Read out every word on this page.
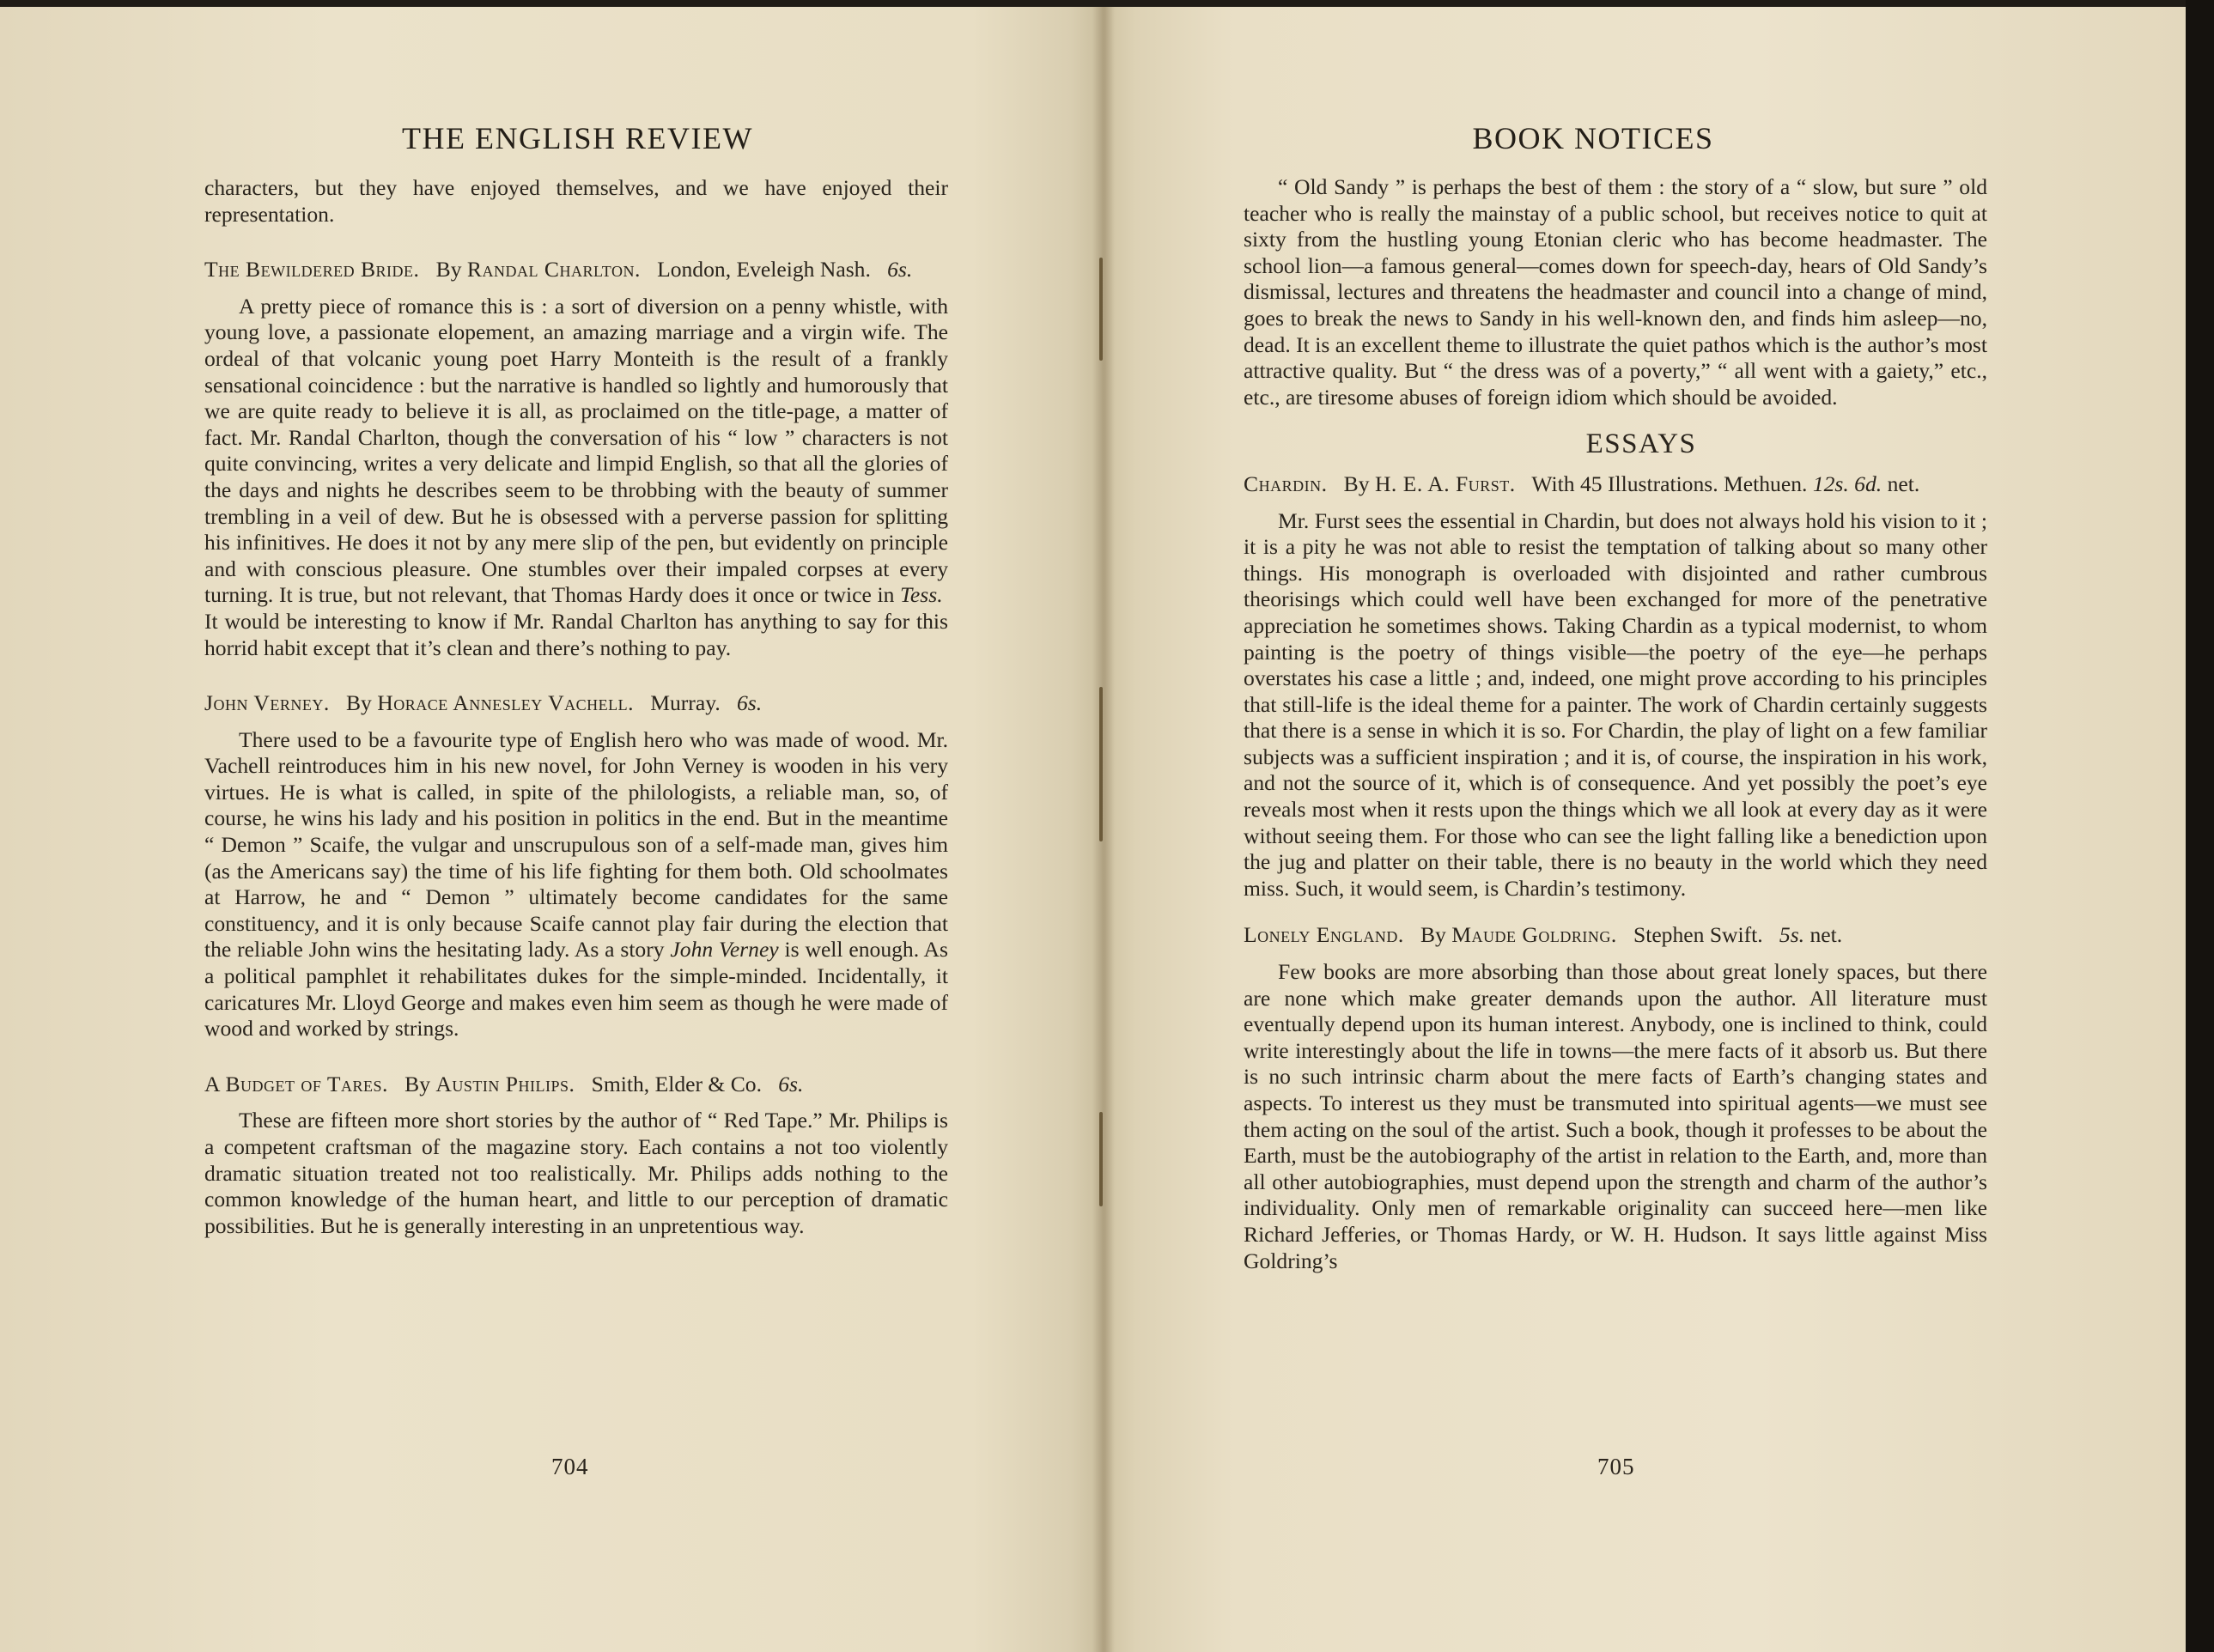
THE ENGLISH REVIEW

characters, but they have enjoyed themselves, and we have enjoyed their representation.

The Bewildered Bride. By Randal Charlton. London, Eveleigh Nash. 6s.

A pretty piece of romance this is : a sort of diversion on a penny whistle, with young love, a passionate elopement, an amazing marriage and a virgin wife. The ordeal of that volcanic young poet Harry Monteith is the result of a frankly sensational coincidence : but the narrative is handled so lightly and humorously that we are quite ready to believe it is all, as proclaimed on the title-page, a matter of fact. Mr. Randal Charlton, though the conversation of his “ low ” characters is not quite convincing, writes a very delicate and limpid English, so that all the glories of the days and nights he describes seem to be throbbing with the beauty of summer trembling in a veil of dew. But he is obsessed with a perverse passion for splitting his infinitives. He does it not by any mere slip of the pen, but evidently on principle and with conscious pleasure. One stumbles over their impaled corpses at every turning. It is true, but not relevant, that Thomas Hardy does it once or twice in Tess.  It would be interesting to know if Mr. Randal Charlton has anything to say for this horrid habit except that it’s clean and there’s nothing to pay.

John Verney. By Horace Annesley Vachell. Murray. 6s.

There used to be a favourite type of English hero who was made of wood. Mr. Vachell reintroduces him in his new novel, for John Verney is wooden in his very virtues. He is what is called, in spite of the philologists, a reliable man, so, of course, he wins his lady and his position in politics in the end. But in the meantime “ Demon ” Scaife, the vulgar and unscrupulous son of a self-made man, gives him (as the Americans say) the time of his life fighting for them both. Old schoolmates at Harrow, he and “ Demon ” ultimately become candidates for the same constituency, and it is only because Scaife cannot play fair during the election that the reliable John wins the hesitating lady. As a story John Verney is well enough. As a political pamphlet it rehabilitates dukes for the simple-minded. Incidentally, it caricatures Mr. Lloyd George and makes even him seem as though he were made of wood and worked by strings.

A Budget of Tares. By Austin Philips. Smith, Elder & Co. 6s.

These are fifteen more short stories by the author of “ Red Tape.” Mr. Philips is a competent craftsman of the magazine story. Each contains a not too violently dramatic situation treated not too realistically. Mr. Philips adds nothing to the common knowledge of the human heart, and little to our perception of dramatic possibilities. But he is generally interesting in an unpretentious way.

704
BOOK NOTICES

“ Old Sandy ” is perhaps the best of them : the story of a “ slow, but sure ” old teacher who is really the mainstay of a public school, but receives notice to quit at sixty from the hustling young Etonian cleric who has become headmaster. The school lion—a famous general—comes down for speech-day, hears of Old Sandy’s dismissal, lectures and threatens the headmaster and council into a change of mind, goes to break the news to Sandy in his well-known den, and finds him asleep—no, dead. It is an excellent theme to illustrate the quiet pathos which is the author’s most attractive quality. But “ the dress was of a poverty,” “ all went with a gaiety,” etc., etc., are tiresome abuses of foreign idiom which should be avoided.

ESSAYS

Chardin. By H. E. A. Furst. With 45 Illustrations. Methuen. 12s. 6d. net.

Mr. Furst sees the essential in Chardin, but does not always hold his vision to it ; it is a pity he was not able to resist the temptation of talking about so many other things. His monograph is overloaded with disjointed and rather cumbrous theorisings which could well have been exchanged for more of the penetrative appreciation he sometimes shows. Taking Chardin as a typical modernist, to whom painting is the poetry of things visible—the poetry of the eye—he perhaps overstates his case a little ; and, indeed, one might prove according to his principles that still-life is the ideal theme for a painter. The work of Chardin certainly suggests that there is a sense in which it is so. For Chardin, the play of light on a few familiar subjects was a sufficient inspiration ; and it is, of course, the inspiration in his work, and not the source of it, which is of consequence. And yet possibly the poet’s eye reveals most when it rests upon the things which we all look at every day as it were without seeing them. For those who can see the light falling like a benediction upon the jug and platter on their table, there is no beauty in the world which they need miss. Such, it would seem, is Chardin’s testimony.

Lonely England. By Maude Goldring. Stephen Swift. 5s. net.

Few books are more absorbing than those about great lonely spaces, but there are none which make greater demands upon the author. All literature must eventually depend upon its human interest. Anybody, one is inclined to think, could write interestingly about the life in towns—the mere facts of it absorb us. But there is no such intrinsic charm about the mere facts of Earth’s changing states and aspects. To interest us they must be transmuted into spiritual agents—we must see them acting on the soul of the artist. Such a book, though it professes to be about the Earth, must be the autobiography of the artist in relation to the Earth, and, more than all other autobiographies, must depend upon the strength and charm of the author’s individuality. Only men of remarkable originality can succeed here—men like Richard Jefferies, or Thomas Hardy, or W. H. Hudson. It says little against Miss Goldring’s

705
